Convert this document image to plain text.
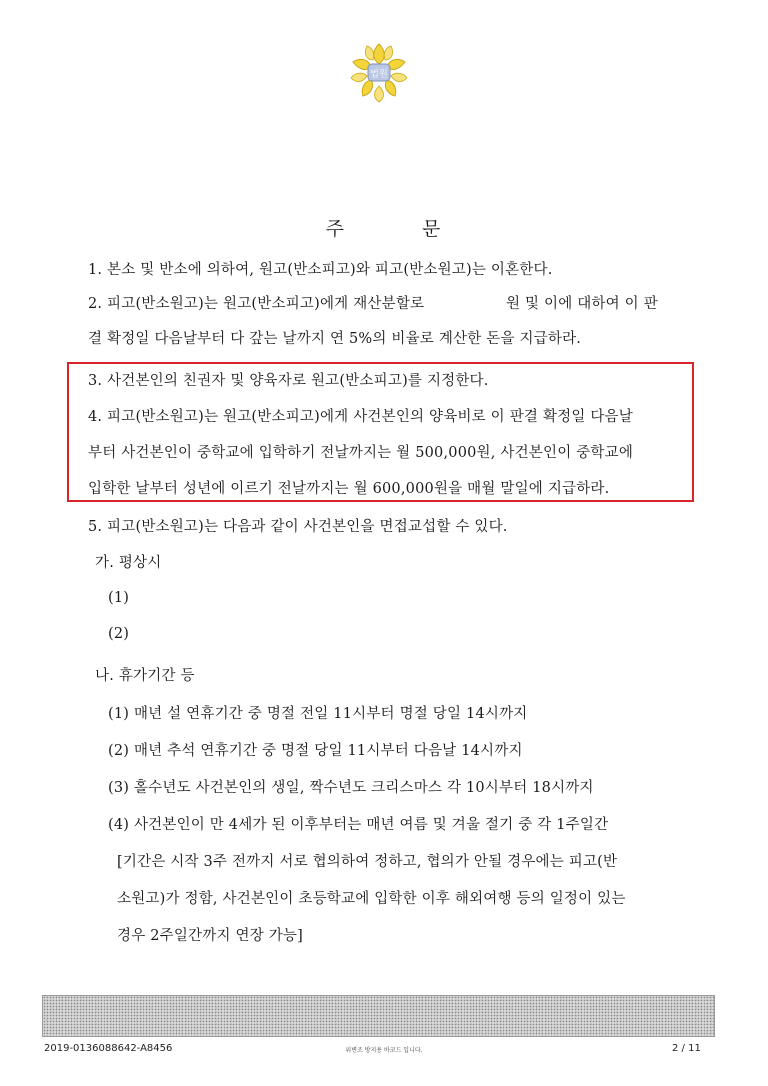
법원
주	문
1. 본소 및 반소에 의하여, 원고(반소피고)와 피고(반소원고)는 이혼한다.
2. 피고(반소원고)는 원고(반소피고)에게 재산분할로	원 및 이에 대하여 이 판
결 확정일 다음날부터 다 갚는 날까지 연 5%의 비율로 계산한 돈을 지급하라.
3. 사건본인의 친권자 및 양육자로 원고(반소피고)를 지정한다.
4. 피고(반소원고)는 원고(반소피고)에게 사건본인의 양육비로 이 판결 확정일 다음날
부터 사건본인이 중학교에 입학하기 전날까지는 월 500,000원, 사건본인이 중학교에
입학한 날부터 성년에 이르기 전날까지는 월 600,000원을 매월 말일에 지급하라.
5. 피고(반소원고)는 다음과 같이 사건본인을 면접교섭할 수 있다.
가. 평상시
(1)
(2)
나. 휴가기간 등
(1) 매년 설 연휴기간 중 명절 전일 11시부터 명절 당일 14시까지
(2) 매년 추석 연휴기간 중 명절 당일 11시부터 다음날 14시까지
(3) 홀수년도 사건본인의 생일, 짝수년도 크리스마스 각 10시부터 18시까지
(4) 사건본인이 만 4세가 된 이후부터는 매년 여름 및 겨울 절기 중 각 1주일간
[기간은 시작 3주 전까지 서로 협의하여 정하고, 협의가 안될 경우에는 피고(반
소원고)가 정함, 사건본인이 초등학교에 입학한 이후 해외여행 등의 일정이 있는
경우 2주일간까지 연장 가능]
2019-0136088642-A8456	위변조 방지용 바코드 입니다.	2 / 11
